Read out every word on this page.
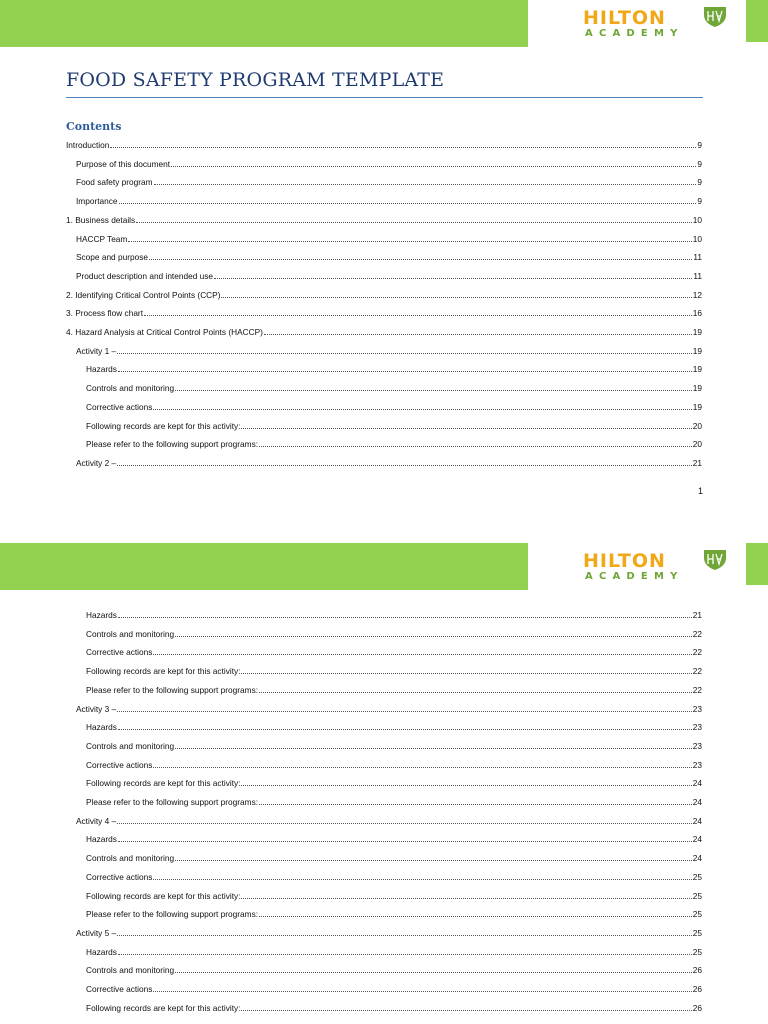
HILTON
ACADEMY
FOOD SAFETY PROGRAM TEMPLATE
Contents
Introduction	9
Purpose of this document	9
Food safety program	9
Importance	9
1. Business details	10
HACCP Team	10
Scope and purpose	11
Product description and intended use	11
2. Identifying Critical Control Points (CCP)	12
3. Process flow chart	16
4. Hazard Analysis at Critical Control Points (HACCP)	19
Activity 1 –	19
Hazards	19
Controls and monitoring	19
Corrective actions	19
Following records are kept for this activity:	20
Please refer to the following support programs:	20
Activity 2 –	21
1
HILTON
ACADEMY
Hazards	21
Controls and monitoring	22
Corrective actions	22
Following records are kept for this activity:	22
Please refer to the following support programs:	22
Activity 3 –	23
Hazards	23
Controls and monitoring	23
Corrective actions	23
Following records are kept for this activity:	24
Please refer to the following support programs:	24
Activity 4 –	24
Hazards	24
Controls and monitoring	24
Corrective actions	25
Following records are kept for this activity:	25
Please refer to the following support programs:	25
Activity 5 –	25
Hazards	25
Controls and monitoring	26
Corrective actions	26
Following records are kept for this activity:	26
